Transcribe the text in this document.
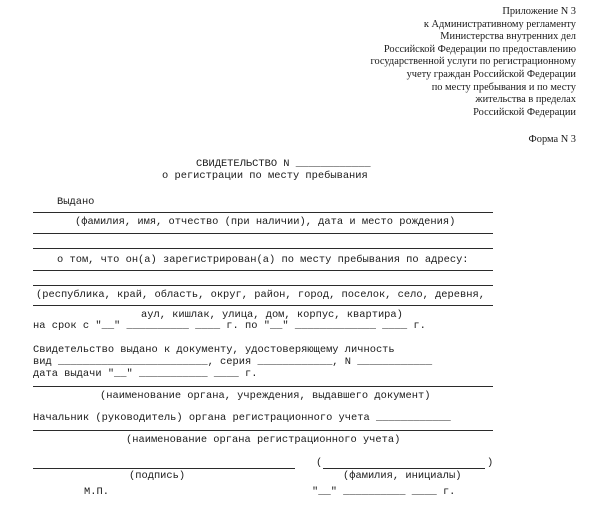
Приложение N 3
к Административному регламенту
Министерства внутренних дел
Российской Федерации по предоставлению
государственной услуги по регистрационному
учету граждан Российской Федерации
по месту пребывания и по месту
жительства в пределах
Российской Федерации
Форма N 3
СВИДЕТЕЛЬСТВО N ____________
о регистрации по месту пребывания
Выдано
(фамилия, имя, отчество (при наличии), дата и место рождения)
о том, что он(а) зарегистрирован(а) по месту пребывания по адресу:
(республика, край, область, округ, район, город, поселок, село, деревня,
аул, кишлак, улица, дом, корпус, квартира)
на срок с "__" __________ ____ г. по "__" _____________ ____ г.
Свидетельство выдано к документу, удостоверяющему личность
вид ________________________, серия ____________, N ____________
дата выдачи "__" ___________ ____ г.
(наименование органа, учреждения, выдавшего документ)
Начальник (руководитель) органа регистрационного учета ____________
(наименование органа регистрационного учета)
(	)
(подпись)	(фамилия, инициалы)
М.П.	"__" __________ ____ г.
